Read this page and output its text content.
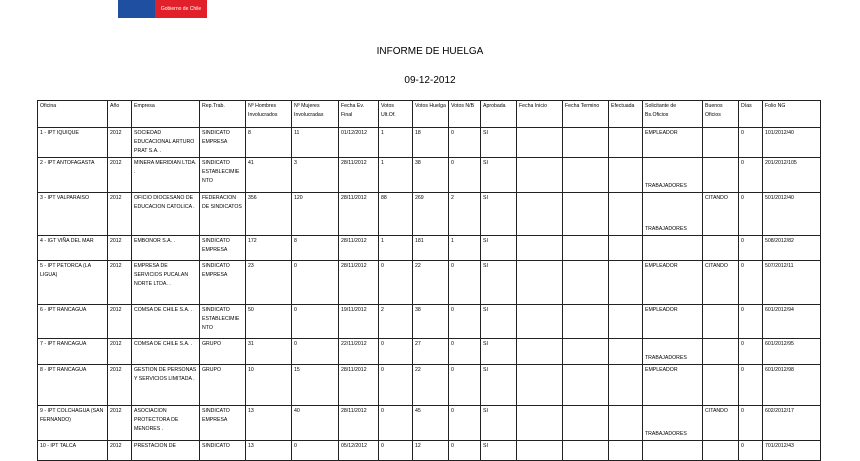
Gobierno de Chile
INFORME DE HUELGA
09-12-2012
Oficina	Año	Empresa	Rep.Trab.	Nº Hombres Involucrados	Nº Mujeres Involucradas	Fecha Ev. Final	Votos Ult.Of.	Votos Huelga	Votos N/B	Aprobada	Fecha Inicio	Fecha Termino	Efectuada	Solicitante de Bs.Oficios	Buenos Oficios	Días	Folio NG
1 - IPT IQUIQUE	2012	SOCIEDAD EDUCACIONAL ARTURO PRAT S.A. .	SINDICATO EMPRESA	8	11	01/12/2012	1	18	0	SI				EMPLEADOR		0	101/2012/40
2 - IPT ANTOFAGASTA	2012	MINERA MERIDIAN LTDA. .	SINDICATO ESTABLECIMIENTO	41	3	28/11/2012	1	38	0	SI				TRABAJADORES		0	201/2012/105
3 - IPT VALPARAISO	2012	OFICIO DIOCESANO DE EDUCACION CATOLICA .	FEDERACION DE SINDICATOS	356	120	28/11/2012	88	269	2	SI				TRABAJADORES	CITANDO	0	501/2012/40
4 - IGT VIÑA DEL MAR	2012	EMBONOR S.A. .	SINDICATO EMPRESA	172	8	28/11/2012	1	181	1	SI						0	508/2012/82
5 - IPT PETORCA (LA LIGUA)	2012	EMPRESA DE SERVICIOS PUCALAN NORTE LTDA. .	SINDICATO EMPRESA	23	0	28/11/2012	0	22	0	SI				EMPLEADOR	CITANDO	0	507/2012/11
6 - IPT RANCAGUA	2012	COMSA DE CHILE S.A. .	SINDICATO ESTABLECIMIENTO	50	0	19/11/2012	2	38	0	SI				EMPLEADOR		0	601/2012/94
7 - IPT RANCAGUA	2012	COMSA DE CHILE S.A. .	GRUPO	31	0	22/11/2012	0	27	0	SI				TRABAJADORES		0	601/2012/95
8 - IPT RANCAGUA	2012	GESTION DE PERSONAS Y SERVICIOS LIMITADA .	GRUPO	10	15	28/11/2012	0	22	0	SI				EMPLEADOR		0	601/2012/98
9 - IPT COLCHAGUA (SAN FERNANDO)	2012	ASOCIACION PROTECTORA DE MENORES .	SINDICATO EMPRESA	13	40	28/11/2012	0	45	0	SI				TRABAJADORES	CITANDO	0	602/2012/17
10 - IPT TALCA	2012	PRESTACION DE	SINDICATO	13	0	05/12/2012	0	12	0	SI						0	701/2012/43
